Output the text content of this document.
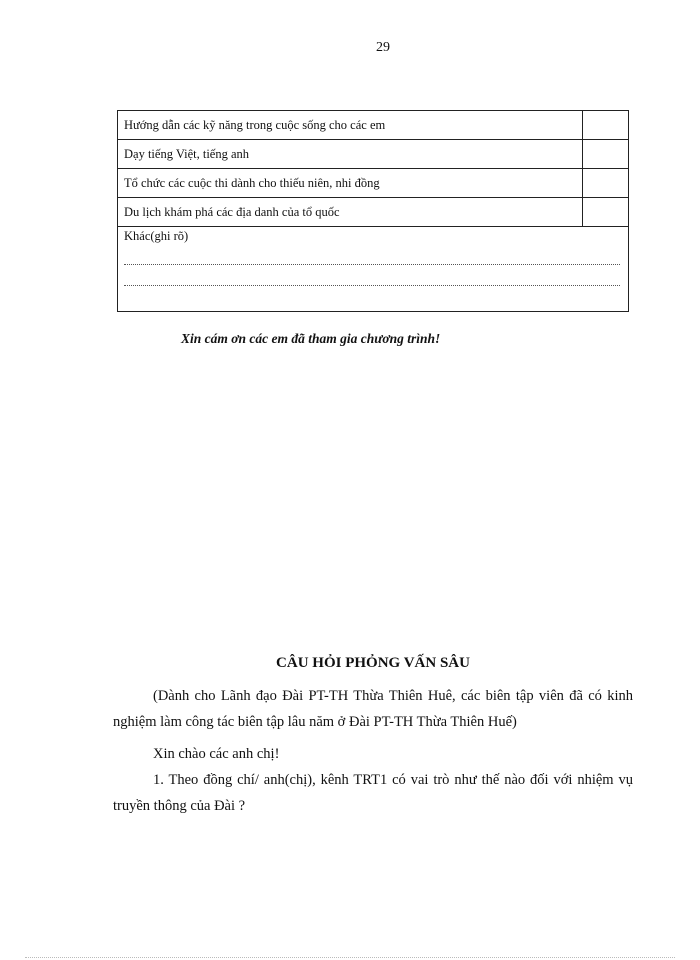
29
Hướng dẫn các kỹ năng trong cuộc sống cho các em	
Dạy tiếng Việt, tiếng anh	
Tổ chức các cuộc thi dành cho thiếu niên, nhi đồng	
Du lịch khám phá các địa danh của tổ quốc	

Khác(ghi rõ)	
Xin cám ơn các em đã tham gia chương trình!
CÂU HỎI PHỎNG VẤN SÂU
(Dành cho Lãnh đạo Đài PT-TH Thừa Thiên Huê, các biên tập viên đã có kinh nghiệm làm công tác biên tập lâu năm ở Đài PT-TH Thừa Thiên Huế)
Xin chào các anh chị!
1. Theo đồng chí/ anh(chị), kênh TRT1 có vai trò như thế nào đối với nhiệm vụ truyền thông của Đài ?
